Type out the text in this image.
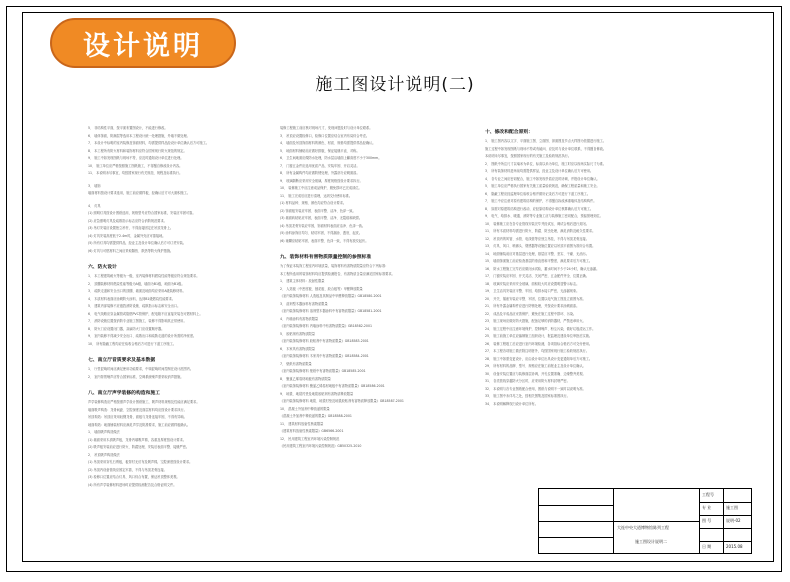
设计说明
施工图设计说明(二)
5、 非结构性平面，按平面布置图设计，不能进行修改。
6、 墙体饰面，防潮层等选用本工程设计统一处理措施，外墙不做处理。
7、 本设计中标明的室内装修及饰面材料，均需提供样品经设计单位确认后方可施工。
8、 本工程所有防火材料和装饰材料应符合国家现行防火规范的规定。
9、 施工中如发现图纸与现场不符，应及时通知设计单位进行处理。
10、 施工单位应严格按照施工图纸施工，不得擅自修改设计内容。
11、 本说明未尽事宜，均按国家现行有关规范、规程及标准执行。
3、 墙饰
墙面材料按设计要求选用，施工前应做样板，经确认后方可大面积施工。
4、 灯具
(1) 照明灯具按设计图纸选用，规格型号应符合国家标准，安装应牢固可靠。
(2) 应急照明灯具及疏散指示标志应符合消防规范要求。
(3) 吊灯安装应设置独立吊杆，不得直接固定在吊顶龙骨上。
(4) 灯具安装高度低于2.4m时，金属外壳应可靠接地。
(5) 所有灯具均需提供样品，经业主及设计单位确认后方可订货安装。
(6) 灯具与可燃材料之间应采取隔热、散热等防火保护措施。
六、防火设计
1、 本工程建筑耐火等级为一级，室内装修材料燃烧性能等级应符合规范要求。
2、 顶棚装修材料燃烧性能等级为A级，墙面为B1级，地面为B1级。
3、 疏散走道和安全出口的顶棚、墙面及地面均应采用A级装修材料。
4、 木质材料表面应涂刷防火涂料，达到B1级燃烧性能要求。
5、 建筑内部装修不应遮挡消防设施、疏散指示标志和安全出口。
6、 电气线路应穿金属管或阻燃PVC管保护，配电箱不应直接安装在可燃材料上。
7、 消防设施位置按消防专业施工图施工，装修不得影响其正常使用。
8、 防火门应设置闭门器，双扇防火门应设置顺序器。
9、 室内装修不得减少安全出口、疏散出口和疏散走道的设计所需的净宽度。
10、 所有隐蔽工程均应在验收合格后方可进行下道工序施工。
七、南立厅音质要求及基本数据
1、 厅堂混响时间应满足使用功能要求，中频混响时间控制在设计范围内。
2、 室内背景噪声应符合国家标准，空调系统噪声需采取消声措施。
八、南立厅声学装修的构造和施工
声学装修构造应严格按照声学设计图纸施工，吸声材料规格及性能应满足要求。
墙面吸声构造：龙骨间距、空腔深度及面层材料均应按设计要求执行。
吊顶构造：吊顶应采用轻钢龙骨，面板与龙骨连接牢固，不得有异响。
地面构造：地面铺装材料应满足声学及防滑要求，施工前应做样板确认。
1、 墙面吸声构造做法
(1) 墙面采用木质吸声板，龙骨内填吸声棉，容重及厚度按设计要求。
(2) 吸声板安装前应进行防火、防腐处理，安装后表面平整、接缝严密。
2、 吊顶吸声构造做法
(1) 吊顶采用穿孔石膏板，板背衬无纺布及吸声棉，空腔深度按设计要求。
(2) 吊顶内设备管线应固定牢靠，不得与吊顶龙骨连接。
(3) 检修口位置应结合灯具、风口综合布置，保证吊顶整体美观。
(4) 所有声学装修材料进场时应提供检测报告及合格证明文件。
装修工程施工前应核对现场尺寸，发现问题及时与设计单位联系。
3、 吊顶应设置检修口，检修口位置应结合室内布局综合考虑。
4、 墙面及吊顶饰面材料的颜色、材质、规格均需提供样品经确认。
5、 地面材料铺贴前应做好排版，保证接缝平直、对称。
6、 卫生间地面应做防水处理，防水层沿墙面上翻高度不小于300mm。
7、 门窗五金件应选用优质产品，安装牢固、开启灵活。
8、 所有金属构件均应做防锈处理，外露部分应刷面漆。
9、 玻璃隔断应采用安全玻璃，厚度规格按设计要求执行。
10、 装修施工中应注意成品保护，避免损坏已完成部位。
11、 施工完成后应进行清理，达到交付使用标准。
(1) 材料品种、规格、颜色均应符合设计要求。
(2) 饰面板安装应牢固、表面平整、洁净、色泽一致。
(3) 墙面砖粘贴应牢固，表面平整、洁净、无裂痕和缺损。
(4) 吊顶龙骨安装应牢固，饰面材料表面应洁净、色泽一致。
(5) 涂料涂饰应均匀、粘结牢固，不得漏涂、透底、起皮。
(6) 裱糊应粘贴牢固，表面平整、色泽一致，不得有波纹起伏。
九、装饰材料有害物质限量控制的参照标准
为了保证本装饰工程室内环境质量，装饰材料有害物质限量应符合下列标准：
本工程所选用的装饰材料均应提供检测报告，有害物质含量应满足国家标准要求。
1、 建筑主体材料：放射性限量
2、 人造板（中密度板、刨花板、胶合板等）甲醛释放限量
《室内装饰装修材料 人造板及其制品中甲醛释放限量》GB18580-2001
3、 溶剂型木器涂料有害物质限量
《室内装饰装修材料 溶剂型木器涂料中有害物质限量》GB18581-2001
4、 内墙涂料有害物质限量
《室内装饰装修材料 内墙涂料中有害物质限量》GB18582-2001
5、 胶粘剂有害物质限量
《室内装饰装修材料 胶粘剂中有害物质限量》GB18583-2001
6、 木家具有害物质限量
《室内装饰装修材料 木家具中有害物质限量》GB18584-2001
7、 壁纸有害物质限量
《室内装饰装修材料 壁纸中有害物质限量》GB18585-2001
8、 聚氯乙烯卷材地板有害物质限量
《室内装饰装修材料 聚氯乙烯卷材地板中有害物质限量》GB18586-2001
9、 地毯、地毯衬垫及地毯胶粘剂有害物质释放限量
《室内装饰装修材料 地毯、地毯衬垫及地毯胶粘剂有害物质释放限量》GB18587-2001
10、 混凝土外加剂中释放氨的限量
《混凝土外加剂中释放氨的限量》GB18588-2001
11、 建筑材料放射性核素限量
《建筑材料放射性核素限量》GB6566-2001
12、 民用建筑工程室内环境污染控制规范
《民用建筑工程室内环境污染控制规范》GB50325-2010
十、修改和配合原则：
1、 施工图内容以文字、平面施工图、立面图、剖面图及节点大样图为依据进行施工。
施工过程中如发现图纸与现场不符或有疑问，应及时与设计单位联系，不得擅自修改。
本说明未尽事宜，按照国家现行的有关施工及验收规范执行。
2、 图纸中所注尺寸以毫米为单位，标高以米为单位，施工时应以现场实际尺寸为准。
3、 所有装饰材料进场前均需提供样品，经业主及设计单位确认后方可使用。
4、 各专业之间应密切配合，施工中如发现矛盾应及时协调，并报设计单位确认。
5、 施工单位应严格执行国家有关施工质量验收规范，确保工程质量和施工安全。
6、 隐蔽工程应经监理单位验收合格并做好记录后方可进行下道工序施工。
7、 施工中应注意对原有建筑结构的保护，不得擅自拆改承重墙体及结构构件。
8、 如需对原建筑结构进行改动，应经原结构设计单位核算确认后方可施工。
9、 电气、给排水、暖通、消防等专业施工应与装修施工密切配合，预留预埋到位。
10、 装修施工应在各专业管线安装完毕并经试压、调试合格后进行封闭。
11、 所有木质材料均需进行防火、防腐、防虫处理，满足消防及耐久性要求。
12、 吊顶内的风管、水管、电线管等应独立吊挂，不得与吊顶龙骨连接。
13、 灯具、风口、喷淋头、烟感器等设施位置应以吊顶平面图为准综合布置。
14、 地面铺装前应对基层进行处理，基层应平整、坚实、干燥、无油污。
15、 墙面饰面施工前应检查基层的垂直度和平整度，满足要求后方可施工。
16、 防水工程施工完毕后应做闭水试验，蓄水时间不少于24小时，确认无渗漏。
17、 门窗安装应牢固、开关灵活、关闭严密，五金配件齐全、位置正确。
18、 玻璃安装应采用安全玻璃，面积较大时应设置明显警示标志。
19、 卫生洁具安装应平整、牢固，给排水接口严密，无渗漏现象。
20、 开关、插座安装应平整、牢固，位置以电气施工图及立面图为准。
21、 所有外露金属构件应进行防锈处理，并按设计要求涂刷面漆。
22、 成品及半成品应妥善保护，避免在施工过程中损坏、污染。
23、 施工现场应做好防火措施，配备足够的消防器材，严禁违章用火。
24、 施工过程中应注意环境保护，控制噪声、粉尘污染，做好垃圾清运工作。
25、 施工前施工单位应编制施工组织设计，报监理及建设单位审批后实施。
26、 装修工程竣工后应进行室内环境检测，各项指标合格后方可交付使用。
27、 本工程各项施工做法除注明者外，均按国家现行施工验收规范执行。
28、 施工中如需变更设计，应由设计单位出具设计变更通知单后方可施工。
29、 所有材料的品牌、型号、规格应在施工前报业主及设计单位确认。
30、 设备安装位置应与装修面层协调，开孔位置准确、边缘整齐美观。
31、 各类管线穿越防火分区时，应采用防火材料封堵严密。
32、 本说明与各专业图纸配合使用，图纸与说明不一致时以说明为准。
33、 施工图中未详尽之处，按相关图集及国家标准图执行。
34、 本说明解释权归设计单位所有。
大连中央大道博物馆陈列工程
施工图设计说明二
工程号
专 业	施工图
图 号	说明-02
日 期	2015.08
